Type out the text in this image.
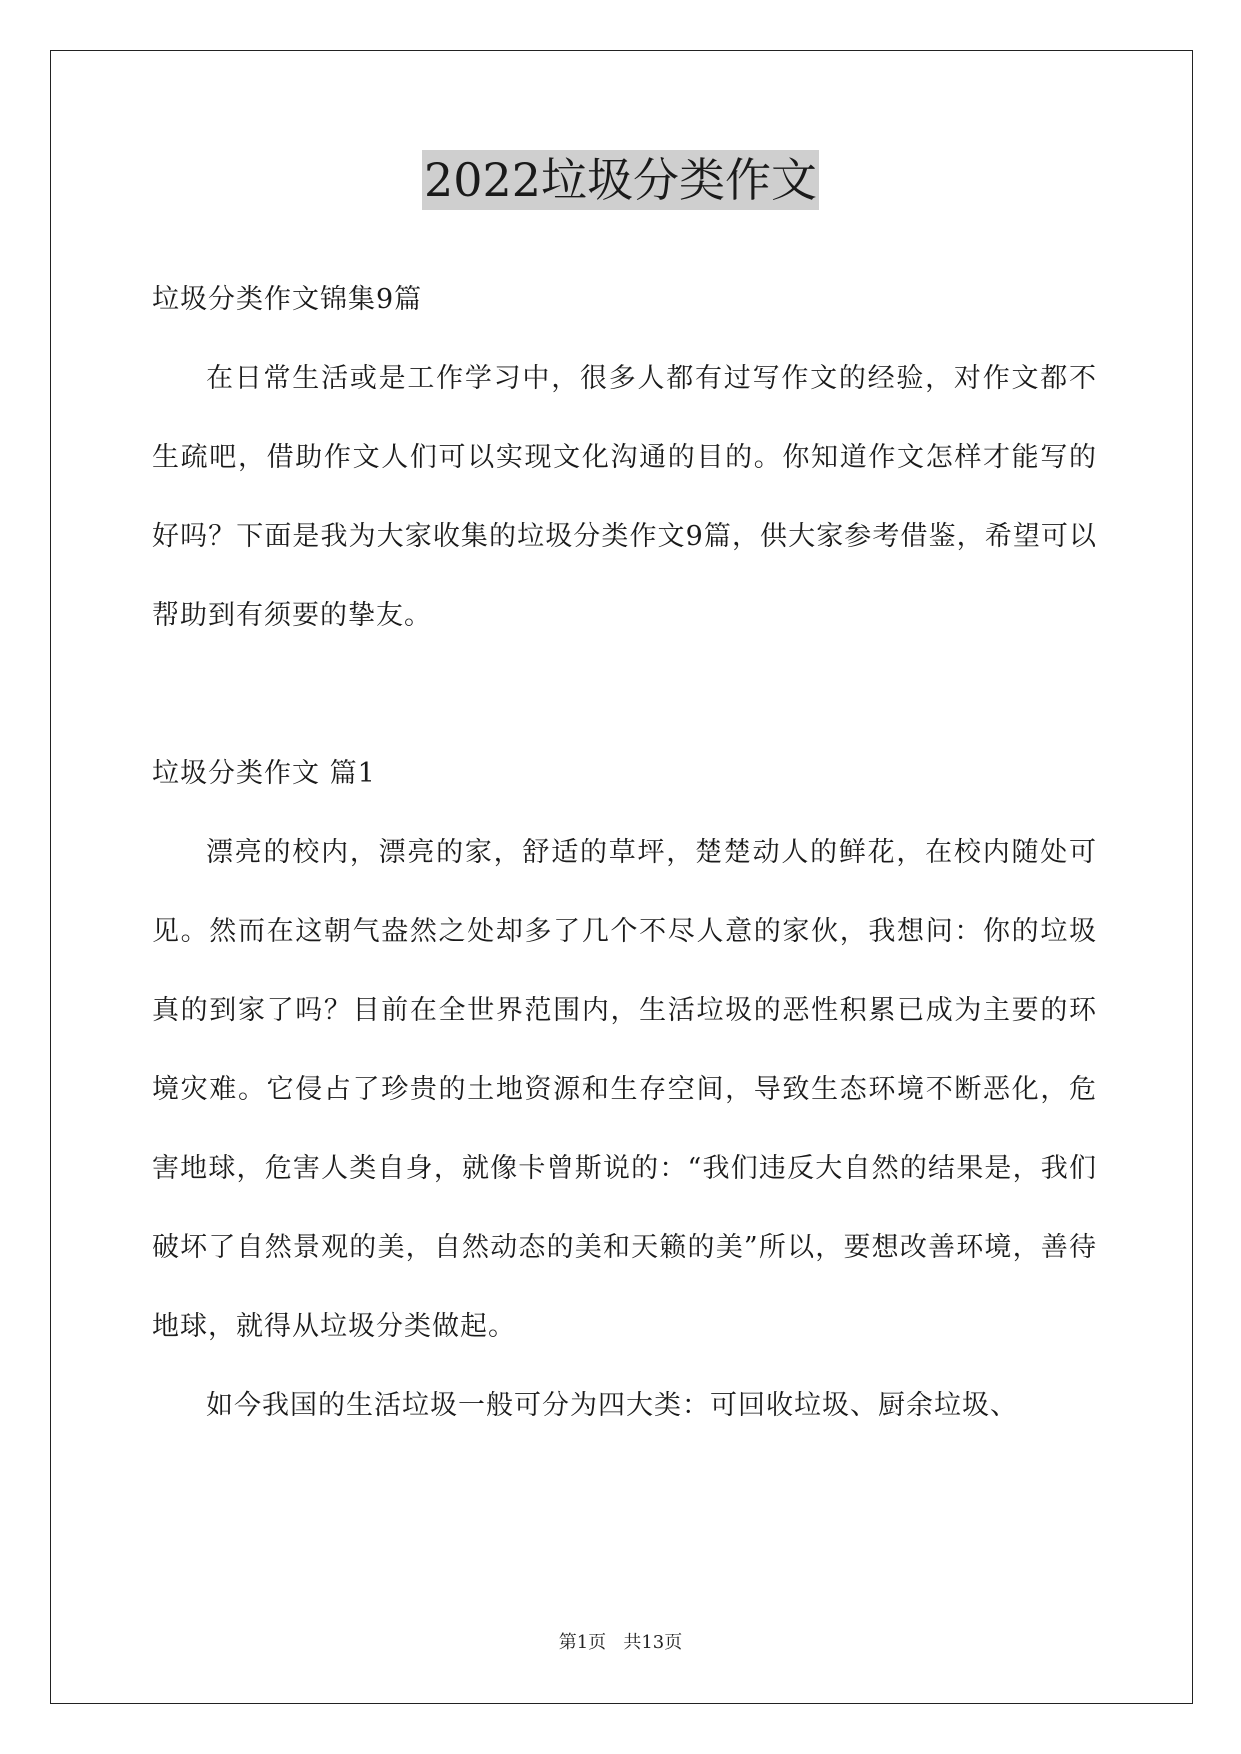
2022垃圾分类作文

垃圾分类作文锦集9篇

在日常生活或是工作学习中，很多人都有过写作文的经验，对作文都不生疏吧，借助作文人们可以实现文化沟通的目的。你知道作文怎样才能写的好吗？下面是我为大家收集的垃圾分类作文9篇，供大家参考借鉴，希望可以帮助到有须要的挚友。

垃圾分类作文 篇1

漂亮的校内，漂亮的家，舒适的草坪，楚楚动人的鲜花，在校内随处可见。然而在这朝气盎然之处却多了几个不尽人意的家伙，我想问：你的垃圾真的到家了吗？目前在全世界范围内，生活垃圾的恶性积累已成为主要的环境灾难。它侵占了珍贵的土地资源和生存空间，导致生态环境不断恶化，危害地球，危害人类自身，就像卡曾斯说的：“我们违反大自然的结果是，我们破坏了自然景观的美，自然动态的美和天籁的美”所以，要想改善环境，善待地球，就得从垃圾分类做起。

如今我国的生活垃圾一般可分为四大类：可回收垃圾、厨余垃圾、

第1页   共13页
